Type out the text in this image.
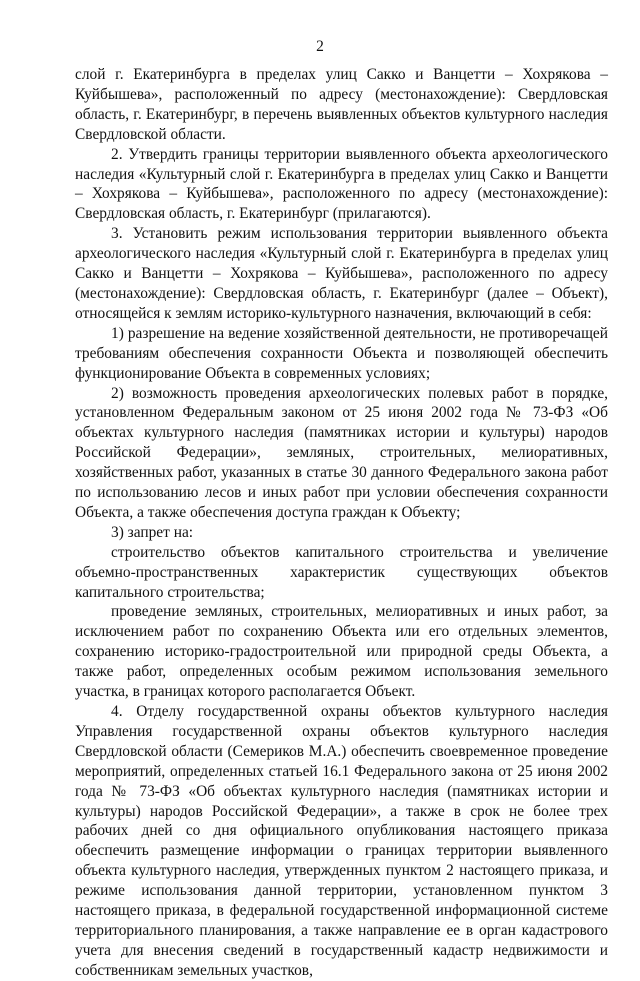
2

слой г. Екатеринбурга в пределах улиц Сакко и Ванцетти – Хохрякова – Куйбышева», расположенный по адресу (местонахождение): Свердловская область, г. Екатеринбург, в перечень выявленных объектов культурного наследия Свердловской области.

2. Утвердить границы территории выявленного объекта археологического наследия «Культурный слой г. Екатеринбурга в пределах улиц Сакко и Ванцетти – Хохрякова – Куйбышева», расположенного по адресу (местонахождение): Свердловская область, г. Екатеринбург (прилагаются).

3. Установить режим использования территории выявленного объекта археологического наследия «Культурный слой г. Екатеринбурга в пределах улиц Сакко и Ванцетти – Хохрякова – Куйбышева», расположенного по адресу (местонахождение): Свердловская область, г. Екатеринбург (далее – Объект), относящейся к землям историко-культурного назначения, включающий в себя:

1) разрешение на ведение хозяйственной деятельности, не противоречащей требованиям обеспечения сохранности Объекта и позволяющей обеспечить функционирование Объекта в современных условиях;

2) возможность проведения археологических полевых работ в порядке, установленном Федеральным законом от 25 июня 2002 года № 73-ФЗ «Об объектах культурного наследия (памятниках истории и культуры) народов Российской Федерации», земляных, строительных, мелиоративных, хозяйственных работ, указанных в статье 30 данного Федерального закона работ по использованию лесов и иных работ при условии обеспечения сохранности Объекта, а также обеспечения доступа граждан к Объекту;

3) запрет на:

строительство объектов капитального строительства и увеличение объемно-пространственных характеристик существующих объектов капитального строительства;

проведение земляных, строительных, мелиоративных и иных работ, за исключением работ по сохранению Объекта или его отдельных элементов, сохранению историко-градостроительной или природной среды Объекта, а также работ, определенных особым режимом использования земельного участка, в границах которого располагается Объект.

4. Отделу государственной охраны объектов культурного наследия Управления государственной охраны объектов культурного наследия Свердловской области (Семериков М.А.) обеспечить своевременное проведение мероприятий, определенных статьей 16.1 Федерального закона от 25 июня 2002 года № 73-ФЗ «Об объектах культурного наследия (памятниках истории и культуры) народов Российской Федерации», а также в срок не более трех рабочих дней со дня официального опубликования настоящего приказа обеспечить размещение информации о границах территории выявленного объекта культурного наследия, утвержденных пунктом 2 настоящего приказа, и режиме использования данной территории, установленном пунктом 3 настоящего приказа, в федеральной государственной информационной системе территориального планирования, а также направление ее в орган кадастрового учета для внесения сведений в государственный кадастр недвижимости и собственникам земельных участков,
